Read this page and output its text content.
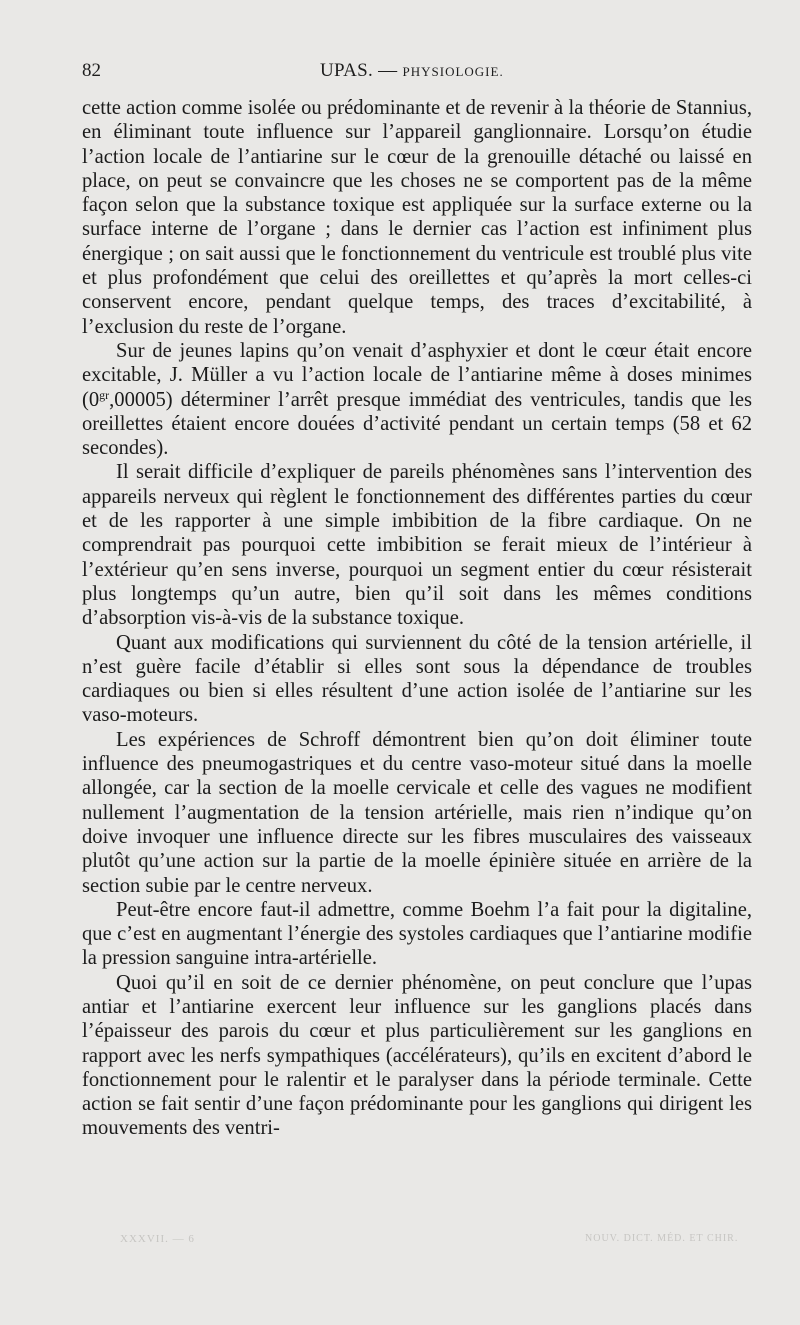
82	UPAS. — PHYSIOLOGIE.

cette action comme isolée ou prédominante et de revenir à la théorie de Stannius, en éliminant toute influence sur l’appareil ganglionnaire. Lorsqu’on étudie l’action locale de l’antiarine sur le cœur de la grenouille détaché ou laissé en place, on peut se convaincre que les choses ne se comportent pas de la même façon selon que la substance toxique est appliquée sur la surface externe ou la surface interne de l’organe ; dans le dernier cas l’action est infiniment plus énergique ; on sait aussi que le fonctionnement du ventricule est troublé plus vite et plus profondément que celui des oreillettes et qu’après la mort celles-ci conservent encore, pendant quelque temps, des traces d’excitabilité, à l’exclusion du reste de l’organe.

Sur de jeunes lapins qu’on venait d’asphyxier et dont le cœur était encore excitable, J. Müller a vu l’action locale de l’antiarine même à doses minimes $(0^{gr},00005)$ déterminer l’arrêt presque immédiat des ventricules, tandis que les oreillettes étaient encore douées d’activité pendant un certain temps (58 et 62 secondes).

Il serait difficile d’expliquer de pareils phénomènes sans l’intervention des appareils nerveux qui règlent le fonctionnement des différentes parties du cœur et de les rapporter à une simple imbibition de la fibre cardiaque. On ne comprendrait pas pourquoi cette imbibition se ferait mieux de l’intérieur à l’extérieur qu’en sens inverse, pourquoi un segment entier du cœur résisterait plus longtemps qu’un autre, bien qu’il soit dans les mêmes conditions d’absorption vis-à-vis de la substance toxique.

Quant aux modifications qui surviennent du côté de la tension artérielle, il n’est guère facile d’établir si elles sont sous la dépendance de troubles cardiaques ou bien si elles résultent d’une action isolée de l’antiarine sur les vaso-moteurs.

Les expériences de Schroff démontrent bien qu’on doit éliminer toute influence des pneumogastriques et du centre vaso-moteur situé dans la moelle allongée, car la section de la moelle cervicale et celle des vagues ne modifient nullement l’augmentation de la tension artérielle, mais rien n’indique qu’on doive invoquer une influence directe sur les fibres musculaires des vaisseaux plutôt qu’une action sur la partie de la moelle épinière située en arrière de la section subie par le centre nerveux.

Peut-être encore faut-il admettre, comme Boehm l’a fait pour la digitaline, que c’est en augmentant l’énergie des systoles cardiaques que l’antiarine modifie la pression sanguine intra-artérielle.

Quoi qu’il en soit de ce dernier phénomène, on peut conclure que l’upas antiar et l’antiarine exercent leur influence sur les ganglions placés dans l’épaisseur des parois du cœur et plus particulièrement sur les ganglions en rapport avec les nerfs sympathiques (accélérateurs), qu’ils en excitent d’abord le fonctionnement pour le ralentir et le paralyser dans la période terminale. Cette action se fait sentir d’une façon prédominante pour les ganglions qui dirigent les mouvements des ventri-

XXXVII. — 6	NOUV. DICT. MÉD. ET CHIR.
